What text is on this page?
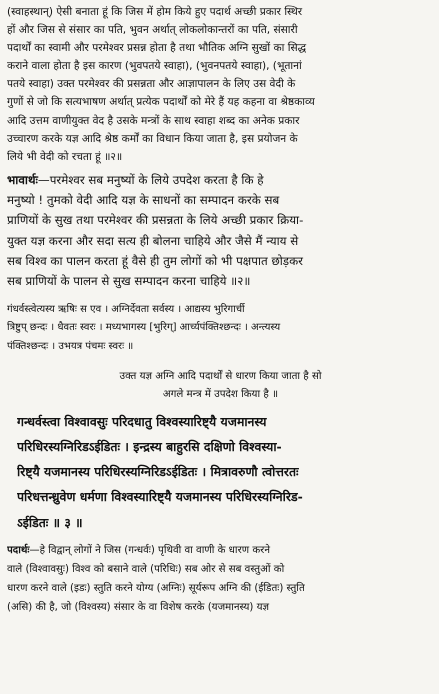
(स्वाहस्थान्) ऐसी बनाता हूं कि जिस में होम किये हुए पदार्थ अच्छी प्रकार स्थिर
हों और जिस से संसार का पति, भुवन अर्थात् लोकलोकान्तरों का पति, संसारी
पदार्थों का स्वामी और परमेश्वर प्रसन्न होता है तथा भौतिक अग्नि सुखों का सिद्ध
कराने वाला होता है इस कारण (भुवपतये स्वाहा), (भुवनपतये स्वाहा), (भूतानां
पतये स्वाहा) उक्त परमेश्वर की प्रसन्नता और आज्ञापालन के लिए उस वेदी के
गुणों से जो कि सत्यभाषण अर्थात् प्रत्येक पदार्थों को मेरे हैं यह कहना वा श्रेष्ठकाव्य
आदि उत्तम वाणीयुक्त वेद है उसके मन्त्रों के साथ स्वाहा शब्द का अनेक प्रकार
उच्चारण करके यज्ञ आदि श्रेष्ठ कर्मों का विधान किया जाता है, इस प्रयोजन के
लिये भी वेदी को रचता हूं ॥२॥
भावार्थः—परमेश्वर सब मनुष्यों के लिये उपदेश करता है कि हे
मनुष्यो ! तुमको वेदी आदि यज्ञ के साधनों का सम्पादन करके सब
प्राणियों के सुख तथा परमेश्वर की प्रसन्नता के लिये अच्छी प्रकार क्रिया-
युक्त यज्ञ करना और सदा सत्य ही बोलना चाहिये और जैसे मैं न्याय से
सब विश्व का पालन करता हूं वैसे ही तुम लोगों को भी पक्षपात छोड़कर
सब प्राणियों के पालन से सुख सम्पादन करना चाहिये ॥२॥
गंधर्वस्त्वेत्यस्य ऋषिः स एव । अग्निर्देवता सर्वस्य । आद्यस्य भुरिगार्ची
त्रिष्टुप् छन्दः । धैवतः स्वरः । मध्यभागस्य [भुरिग्] आर्च्यपंक्तिश्छन्दः । अन्त्यस्य
पंक्तिश्छन्दः । उभयत्र पंचमः स्वरः ॥
उक्त यज्ञ अग्नि आदि पदार्थों से धारण किया जाता है सो
अगले मन्त्र में उपदेश किया है ॥
गन्धर्वस्त्वा विश्वावसुः परिदधातु विश्वस्यारिष्ट्यै यजमानस्य
परिधिरस्यग्निरिडऽईडितः । इन्द्रस्य बाहुरसि दक्षिणो विश्वस्या-
रिष्ट्यै यजमानस्य परिधिरस्यग्निरिडऽईडितः । मित्रावरुणौ त्वोत्तरतः
परिधत्तन्ध्रुवेण धर्मणा विश्वस्यारिष्ट्यै यजमानस्य परिधिरस्यग्निरिड-
ऽईडितः ॥ ३ ॥
पदार्थः—हे विद्वान् लोगों ने जिस (गन्धर्वः) पृथिवी वा वाणी के धारण करने
वाले (विश्वावसुः) विश्व को बसाने वाले (परिधिः) सब ओर से सब वस्तुओं को
धारण करने वाले (इडः) स्तुति करने योग्य (अग्निः) सूर्यरूप अग्नि की (ईडितः) स्तुति
(असि) की है, जो (विश्वस्य) संसार के वा विशेष करके (यजमानस्य) यज्ञ
